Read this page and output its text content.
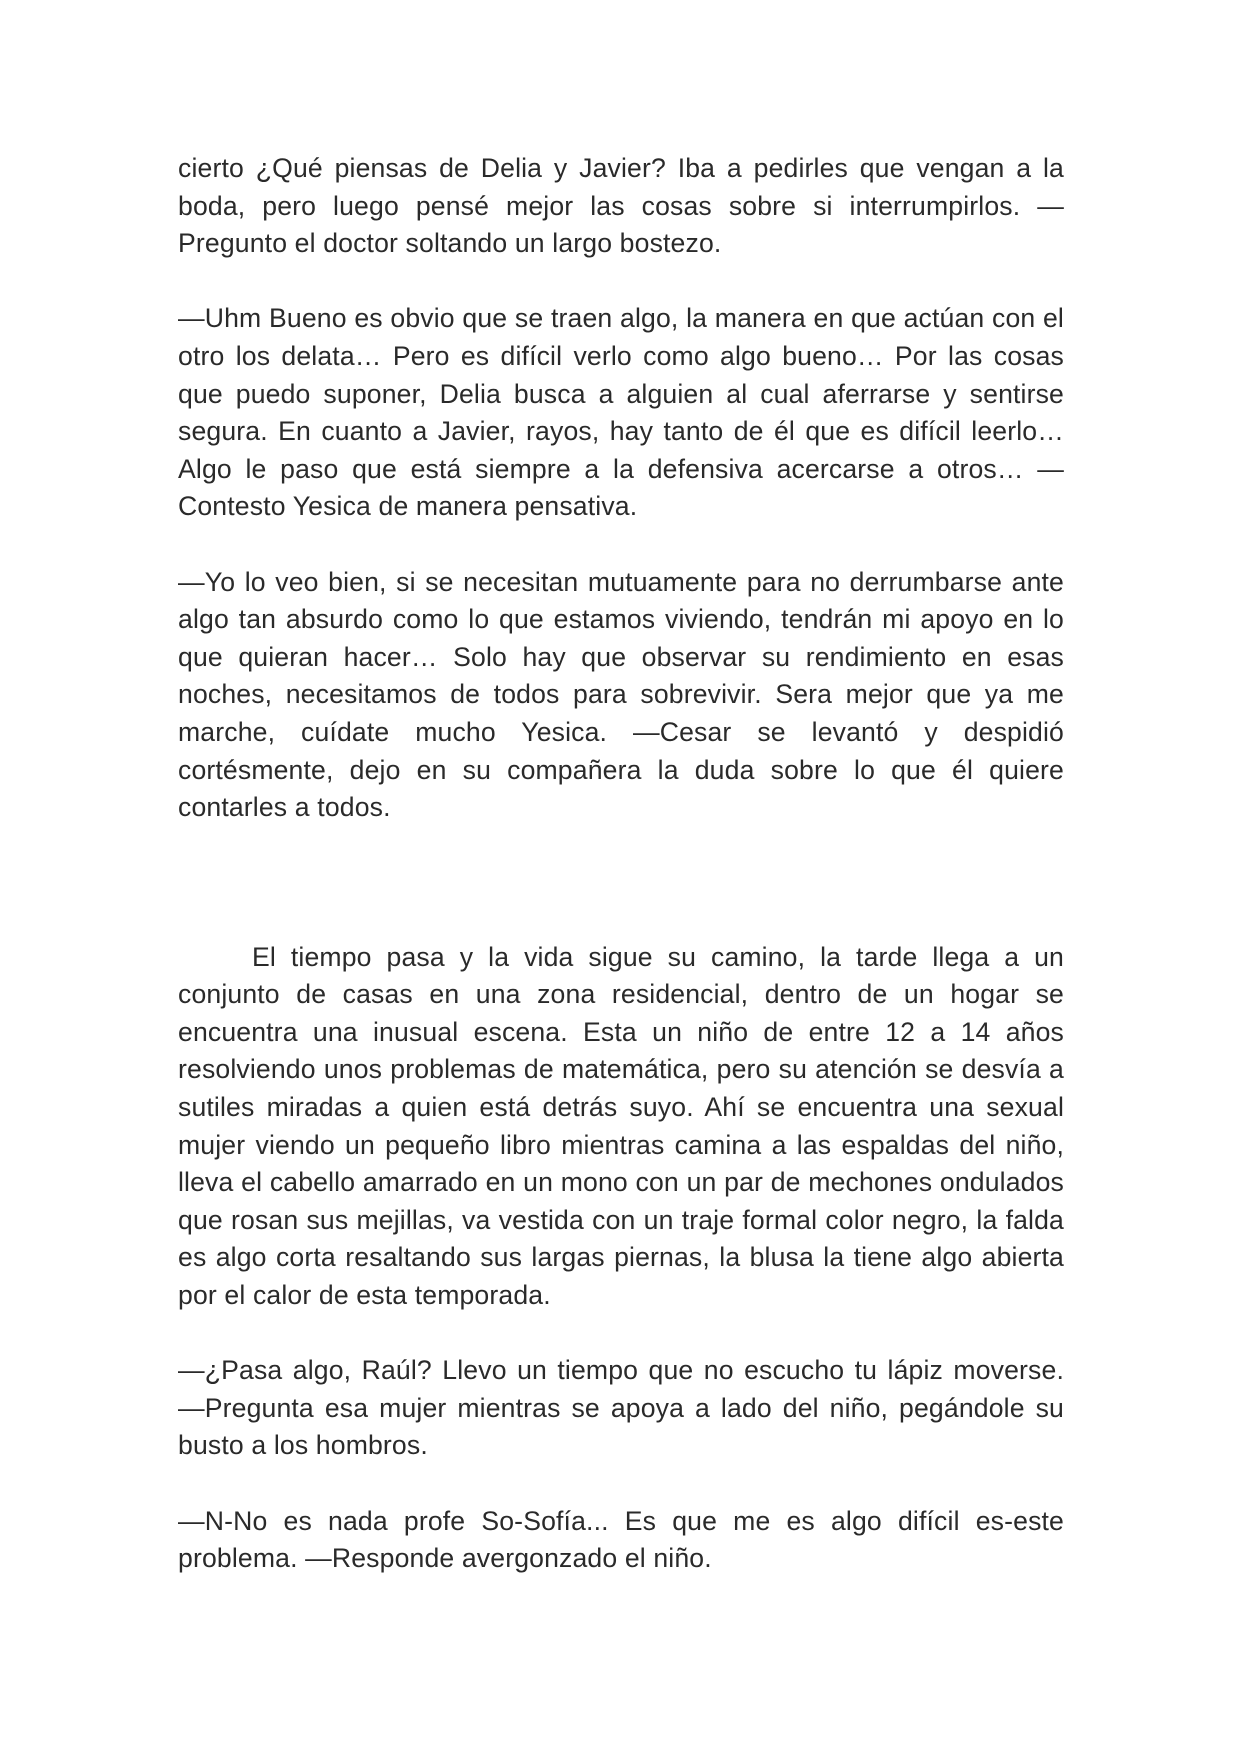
cierto ¿Qué piensas de Delia y Javier? Iba a pedirles que vengan a la boda, pero luego pensé mejor las cosas sobre si interrumpirlos. —Pregunto el doctor soltando un largo bostezo.

—Uhm Bueno es obvio que se traen algo, la manera en que actúan con el otro los delata… Pero es difícil verlo como algo bueno… Por las cosas que puedo suponer, Delia busca a alguien al cual aferrarse y sentirse segura. En cuanto a Javier, rayos, hay tanto de él que es difícil leerlo… Algo le paso que está siempre a la defensiva acercarse a otros… —Contesto Yesica de manera pensativa.

—Yo lo veo bien, si se necesitan mutuamente para no derrumbarse ante algo tan absurdo como lo que estamos viviendo, tendrán mi apoyo en lo que quieran hacer… Solo hay que observar su rendimiento en esas noches, necesitamos de todos para sobrevivir. Sera mejor que ya me marche, cuídate mucho Yesica. —Cesar se levantó y despidió cortésmente, dejo en su compañera la duda sobre lo que él quiere contarles a todos.

El tiempo pasa y la vida sigue su camino, la tarde llega a un conjunto de casas en una zona residencial, dentro de un hogar se encuentra una inusual escena. Esta un niño de entre 12 a 14 años resolviendo unos problemas de matemática, pero su atención se desvía a sutiles miradas a quien está detrás suyo. Ahí se encuentra una sexual mujer viendo un pequeño libro mientras camina a las espaldas del niño, lleva el cabello amarrado en un mono con un par de mechones ondulados que rosan sus mejillas, va vestida con un traje formal color negro, la falda es algo corta resaltando sus largas piernas, la blusa la tiene algo abierta por el calor de esta temporada.

—¿Pasa algo, Raúl? Llevo un tiempo que no escucho tu lápiz moverse. —Pregunta esa mujer mientras se apoya a lado del niño, pegándole su busto a los hombros.

—N-No es nada profe So-Sofía... Es que me es algo difícil es-este problema. —Responde avergonzado el niño.
